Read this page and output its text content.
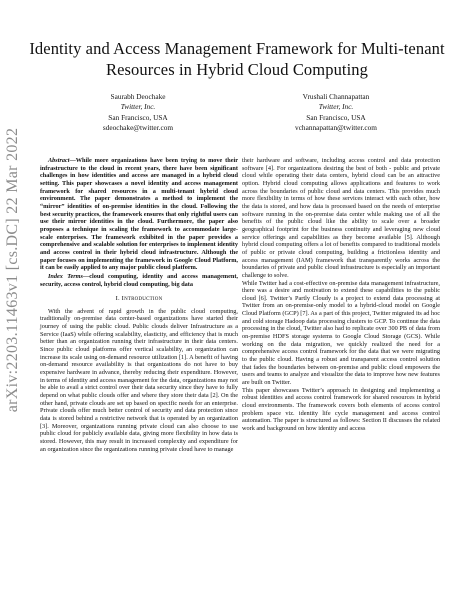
arXiv:2203.11463v1 [cs.DC] 22 Mar 2022
Identity and Access Management Framework for Multi-tenant Resources in Hybrid Cloud Computing
Saurabh Deochake
Twitter, Inc.
San Francisco, USA
sdeochake@twitter.com
Vrushali Channapattan
Twitter, Inc.
San Francisco, USA
vchannapattan@twitter.com

Abstract—While more organizations have been trying to move their infrastructure to the cloud in recent years, there have been significant challenges in how identities and access are managed in a hybrid cloud setting. This paper showcases a novel identity and access management framework for shared resources in a multi-tenant hybrid cloud environment. The paper demonstrates a method to implement the “mirror” identities of on-premise identities in the cloud. Following the best security practices, the framework ensures that only rightful users can use their mirror identities in the cloud. Furthermore, the paper also proposes a technique in scaling the framework to accommodate large-scale enterprises. The framework exhibited in the paper provides a comprehensive and scalable solution for enterprises to implement identity and access control in their hybrid cloud infrastructure. Although the paper focuses on implementing the framework in Google Cloud Platform, it can be easily applied to any major public cloud platform.

Index Terms—cloud computing, identity and access management, security, access control, hybrid cloud computing, big data

I. Introduction

With the advent of rapid growth in the public cloud computing, traditionally on-premise data center-based organizations have started their journey of using the public cloud. Public clouds deliver Infrastructure as a Service (IaaS) while offering scalability, elasticity, and efficiency that is much better than an organization running their infrastructure in their data centers. Since public cloud platforms offer vertical scalability, an organization can increase its scale using on-demand resource utilization [1]. A benefit of having on-demand resource availability is that organizations do not have to buy expensive hardware in advance, thereby reducing their expenditure. However, in terms of identity and access management for the data, organizations may not be able to avail a strict control over their data security since they have to fully depend on what public clouds offer and where they store their data [2]. On the other hand, private clouds are set up based on specific needs for an enterprise. Private clouds offer much better control of security and data protection since data is stored behind a restrictive network that is operated by an organization [3]. Moreover, organizations running private cloud can also choose to use public cloud for publicly available data, giving more flexibility in how data is stored. However, this may result in increased complexity and expenditure for an organization since the organizations running private cloud have to manage

their hardware and software, including access control and data protection software [4]. For organizations desiring the best of both - public and private cloud while operating their data centers, hybrid cloud can be an attractive option. Hybrid cloud computing allows applications and features to work across the boundaries of public cloud and data centers. This provides much more flexibility in terms of how these services interact with each other, how the data is stored, and how data is processed based on the needs of enterprise software running in the on-premise data center while making use of all the benefits of the public cloud like the ability to scale over a broader geographical footprint for the business continuity and leveraging new cloud service offerings and capabilities as they become available [5]. Although hybrid cloud computing offers a lot of benefits compared to traditional models of public or private cloud computing, building a frictionless identity and access management (IAM) framework that transparently works across the boundaries of private and public cloud infrastructure is especially an important challenge to solve.

While Twitter had a cost-effective on-premise data management infrastructure, there was a desire and motivation to extend these capabilities to the public cloud [6]. Twitter’s Partly Cloudy is a project to extend data processing at Twitter from an on-premise-only model to a hybrid-cloud model on Google Cloud Platform (GCP) [7]. As a part of this project, Twitter migrated its ad hoc and cold storage Hadoop data processing clusters to GCP. To continue the data processing in the cloud, Twitter also had to replicate over 300 PB of data from on-premise HDFS storage systems to Google Cloud Storage (GCS). While working on the data migration, we quickly realized the need for a comprehensive access control framework for the data that we were migrating to the public cloud. Having a robust and transparent access control solution that fades the boundaries between on-premise and public cloud empowers the users and teams to analyze and visualize the data to improve how new features are built on Twitter.

This paper showcases Twitter’s approach in designing and implementing a robust identities and access control framework for shared resources in hybrid cloud environments. The framework covers both elements of access control problem space viz. identity life cycle management and access control automation. The paper is structured as follows: Section II discusses the related work and background on how identity and access
